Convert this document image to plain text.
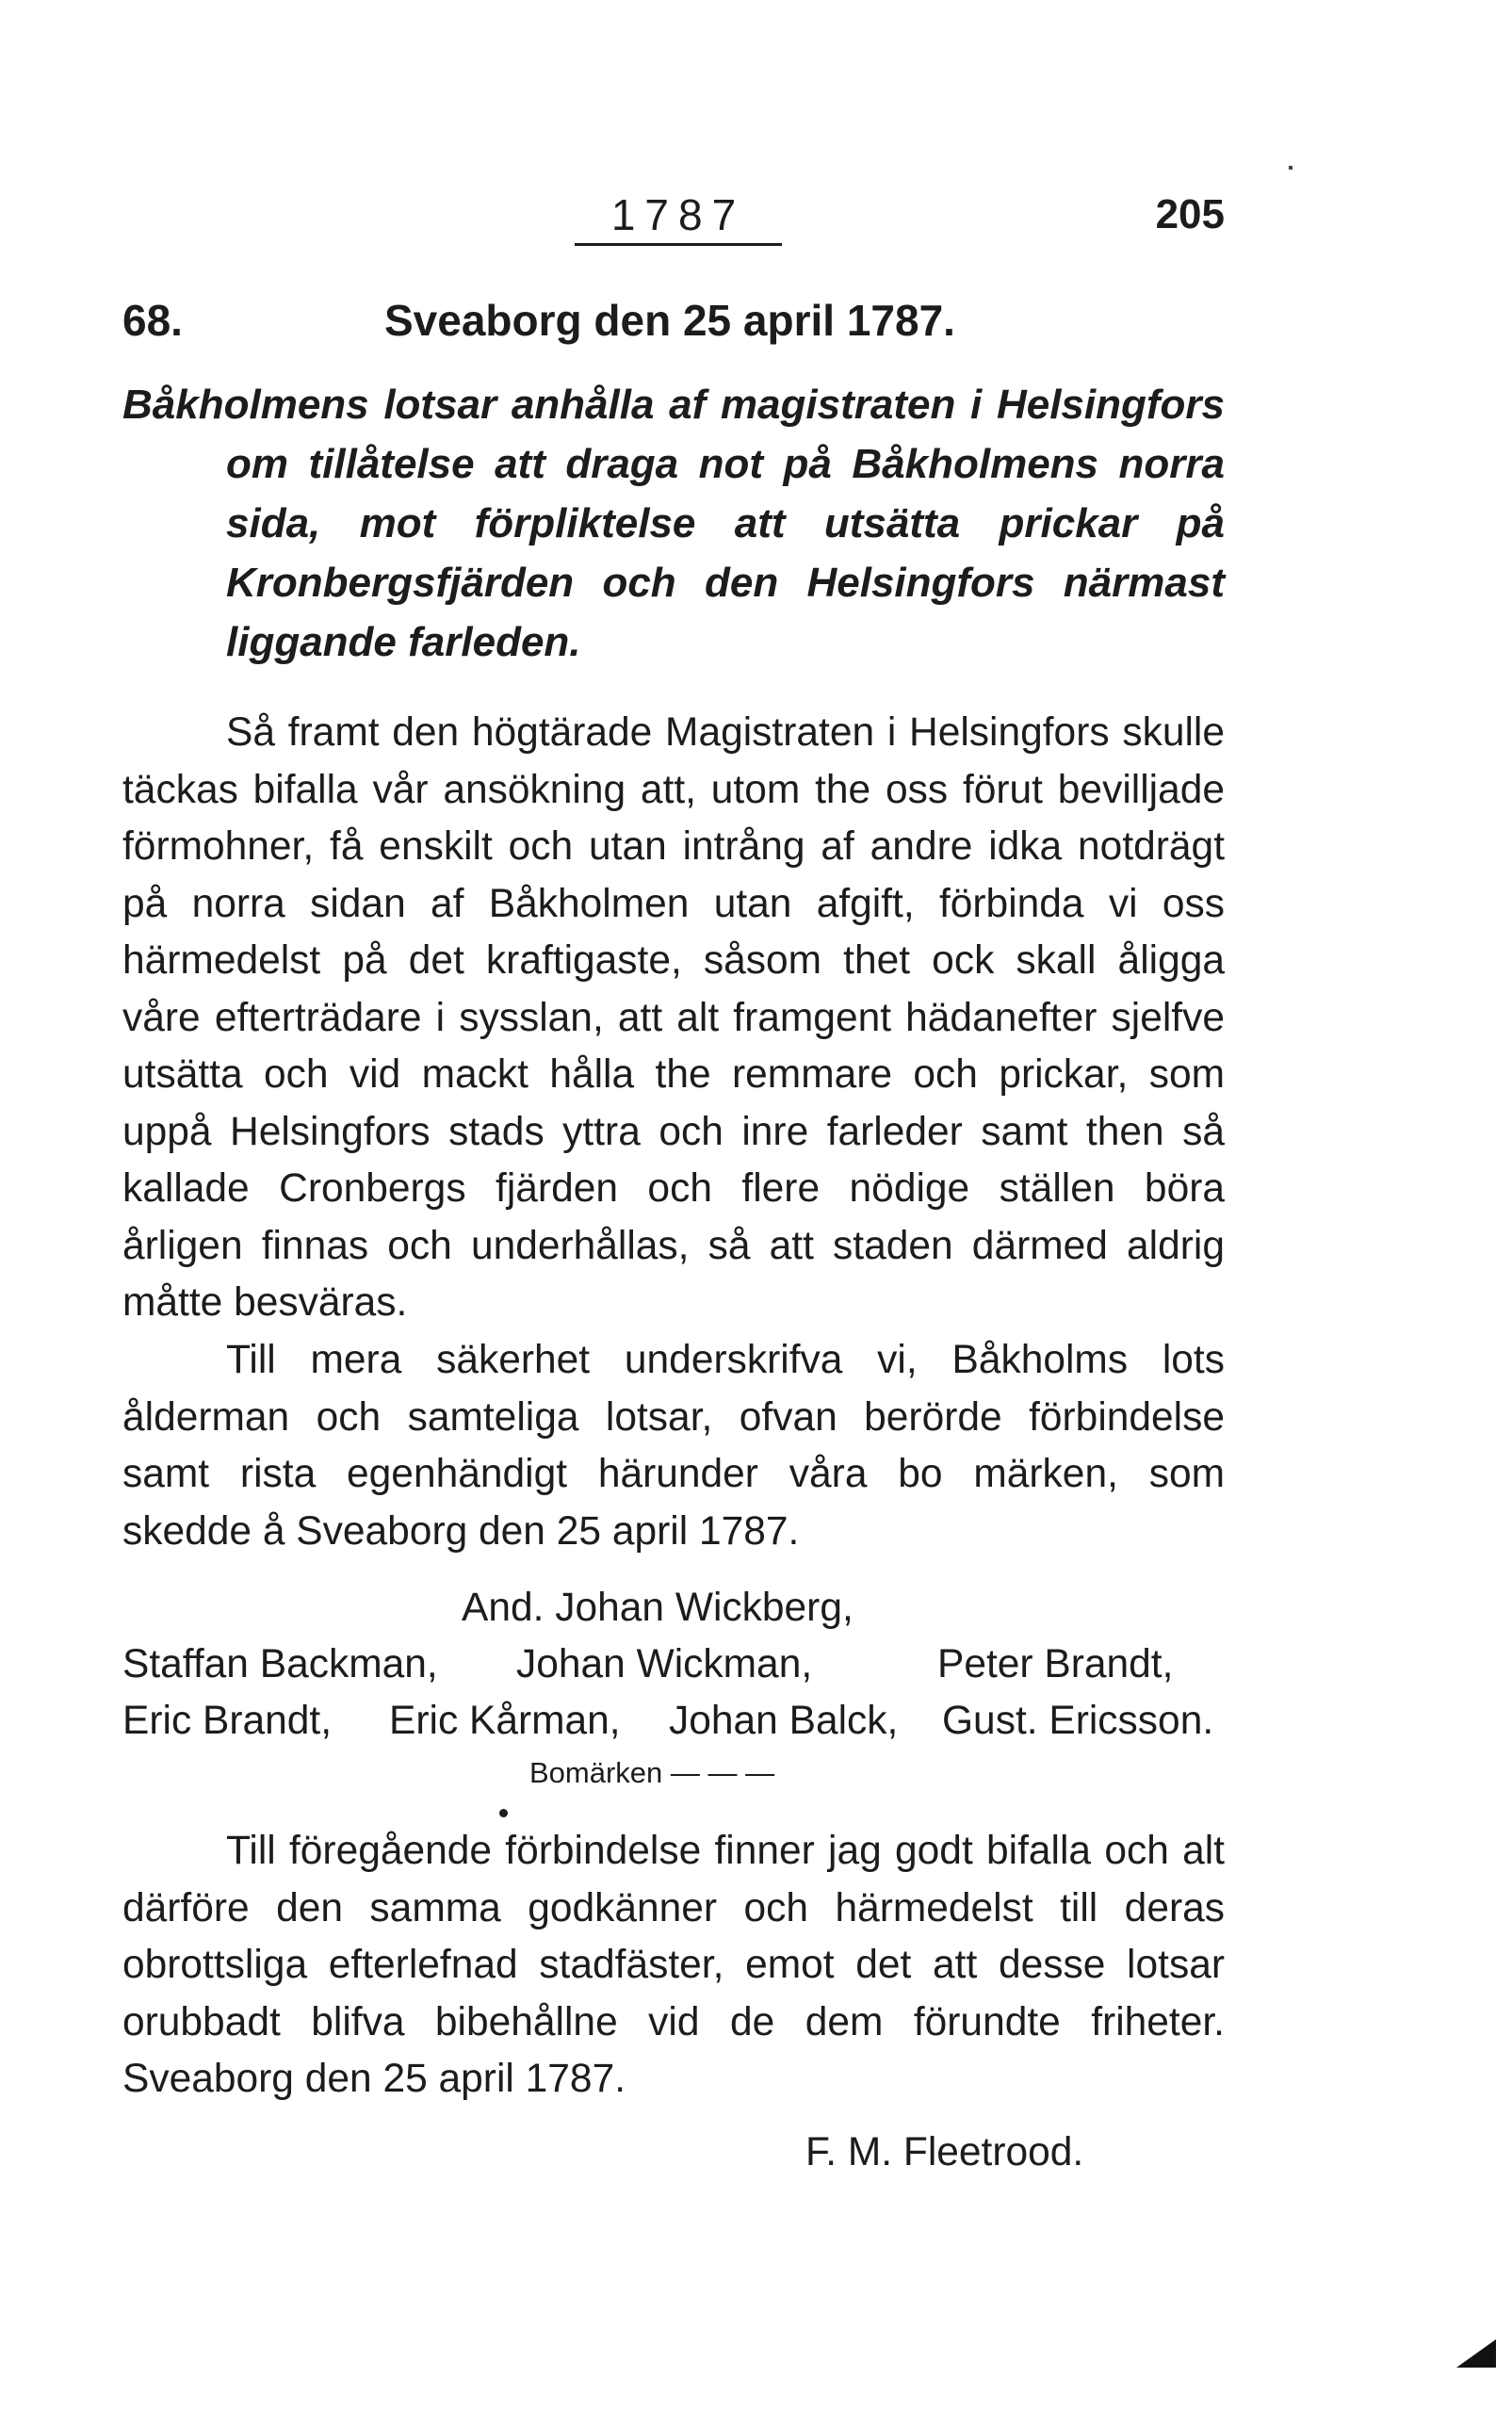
1787	205
68.	Sveaborg den 25 april 1787.
Båkholmens lotsar anhålla af magistraten i Helsingfors om tillåtelse att draga not på Båkholmens norra sida, mot förpliktelse att utsätta prickar på Kronbergsfjärden och den Helsingfors närmast liggande farleden.

Så framt den högtärade Magistraten i Helsingfors skulle täckas bifalla vår ansökning att, utom the oss förut bevilljade förmohner, få enskilt och utan intrång af andre idka notdrägt på norra sidan af Båkholmen utan afgift, förbinda vi oss härmedelst på det kraftigaste, såsom thet ock skall åligga våre efterträdare i sysslan, att alt framgent hädanefter sjelfve utsätta och vid mackt hålla the remmare och prickar, som uppå Helsingfors stads yttra och inre farleder samt then så kallade Cronbergs fjärden och flere nödige ställen böra årligen finnas och underhållas, så att staden därmed aldrig måtte besväras.

Till mera säkerhet underskrifva vi, Båkholms lots ålderman och samteliga lotsar, ofvan berörde förbindelse samt rista egenhändigt härunder våra bo märken, som skedde å Sveaborg den 25 april 1787.

And. Johan Wickberg,
Staffan Backman, Johan Wickman,	Peter Brandt,
Eric Brandt, Eric Kårman, Johan Balck, Gust. Ericsson.
Bomärken — — —

Till föregående förbindelse finner jag godt bifalla och alt därföre den samma godkänner och härmedelst till deras obrottsliga efterlefnad stadfäster, emot det att desse lotsar orubbadt blifva bibehållne vid de dem förundte friheter. Sveaborg den 25 april 1787.

F. M. Fleetrood.
